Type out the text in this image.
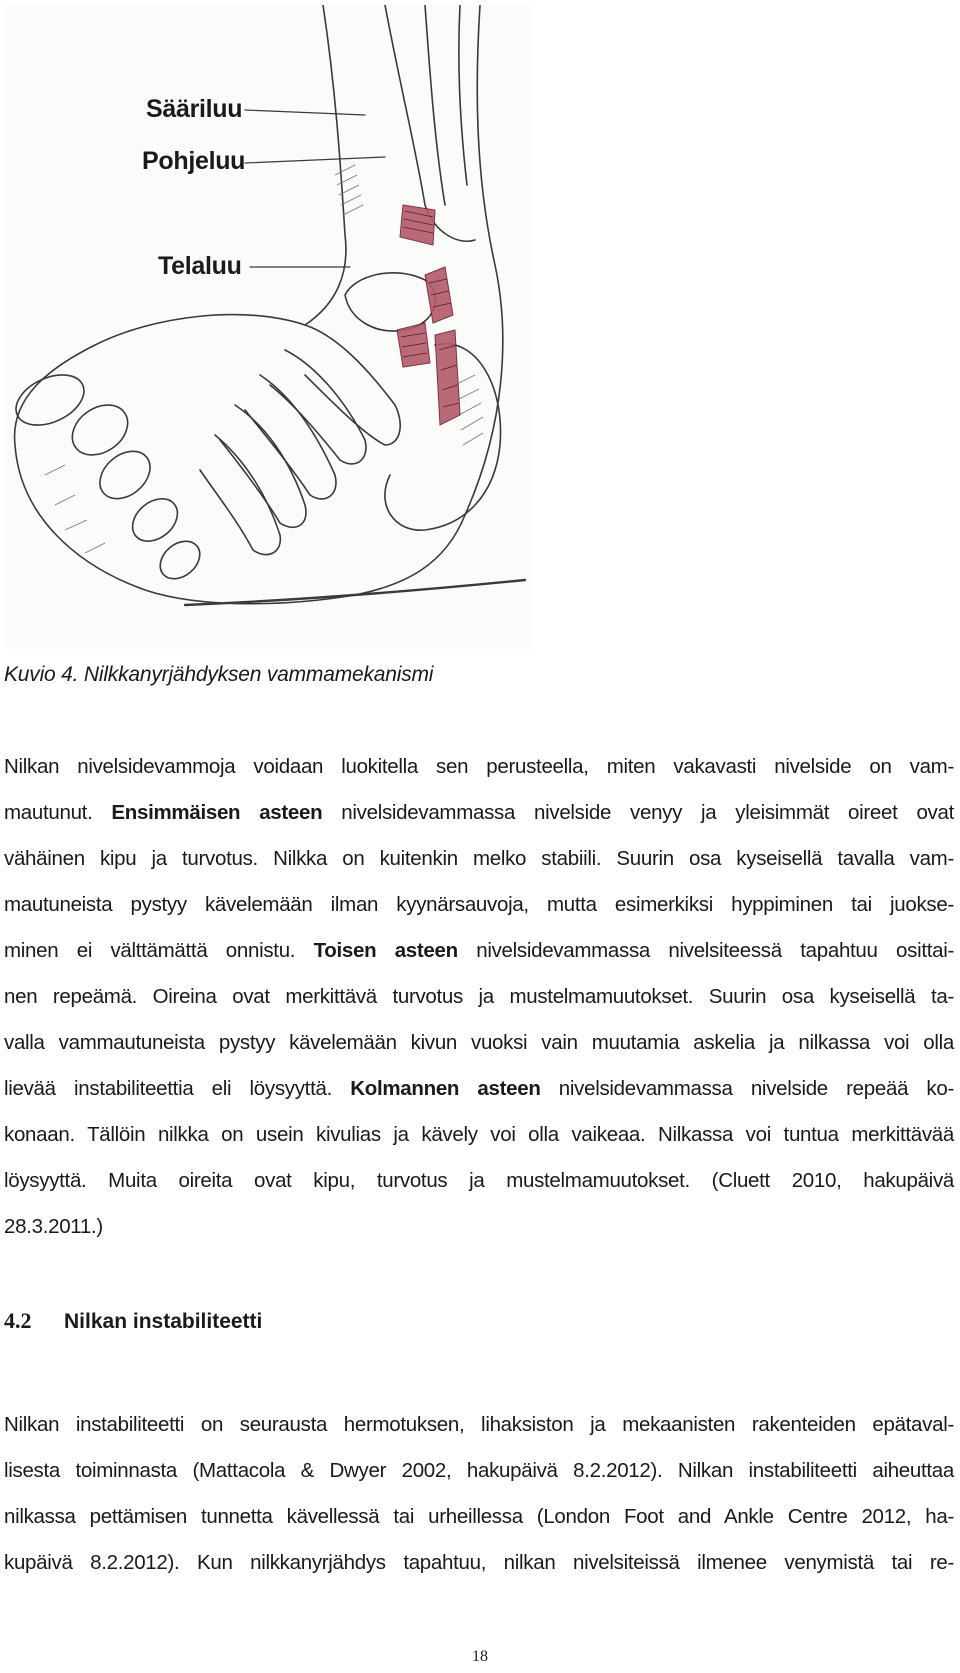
Sääriluu
Pohjeluu
Telaluu
Kuvio 4. Nilkkanyrjähdyksen vammamekanismi
Nilkan nivelsidevammoja voidaan luokitella sen perusteella, miten vakavasti nivelside on vam-
mautunut. Ensimmäisen asteen nivelsidevammassa nivelside venyy ja yleisimmät oireet ovat
vähäinen kipu ja turvotus. Nilkka on kuitenkin melko stabiili. Suurin osa kyseisellä tavalla vam-
mautuneista pystyy kävelemään ilman kyynärsauvoja, mutta esimerkiksi hyppiminen tai juokse-
minen ei välttämättä onnistu. Toisen asteen nivelsidevammassa nivelsiteessä tapahtuu osittai-
nen repeämä. Oireina ovat merkittävä turvotus ja mustelmamuutokset. Suurin osa kyseisellä ta-
valla vammautuneista pystyy kävelemään kivun vuoksi vain muutamia askelia ja nilkassa voi olla
lievää instabiliteettia eli löysyyttä. Kolmannen asteen nivelsidevammassa nivelside repeää ko-
konaan. Tällöin nilkka on usein kivulias ja kävely voi olla vaikeaa. Nilkassa voi tuntua merkittävää
löysyyttä. Muita oireita ovat kipu, turvotus ja mustelmamuutokset. (Cluett 2010, hakupäivä
28.3.2011.)
4.2 Nilkan instabiliteetti
Nilkan instabiliteetti on seurausta hermotuksen, lihaksiston ja mekaanisten rakenteiden epätaval-
lisesta toiminnasta (Mattacola & Dwyer 2002, hakupäivä 8.2.2012). Nilkan instabiliteetti aiheuttaa
nilkassa pettämisen tunnetta kävellessä tai urheillessa (London Foot and Ankle Centre 2012, ha-
kupäivä 8.2.2012). Kun nilkkanyrjähdys tapahtuu, nilkan nivelsiteissä ilmenee venymistä tai re-
18
